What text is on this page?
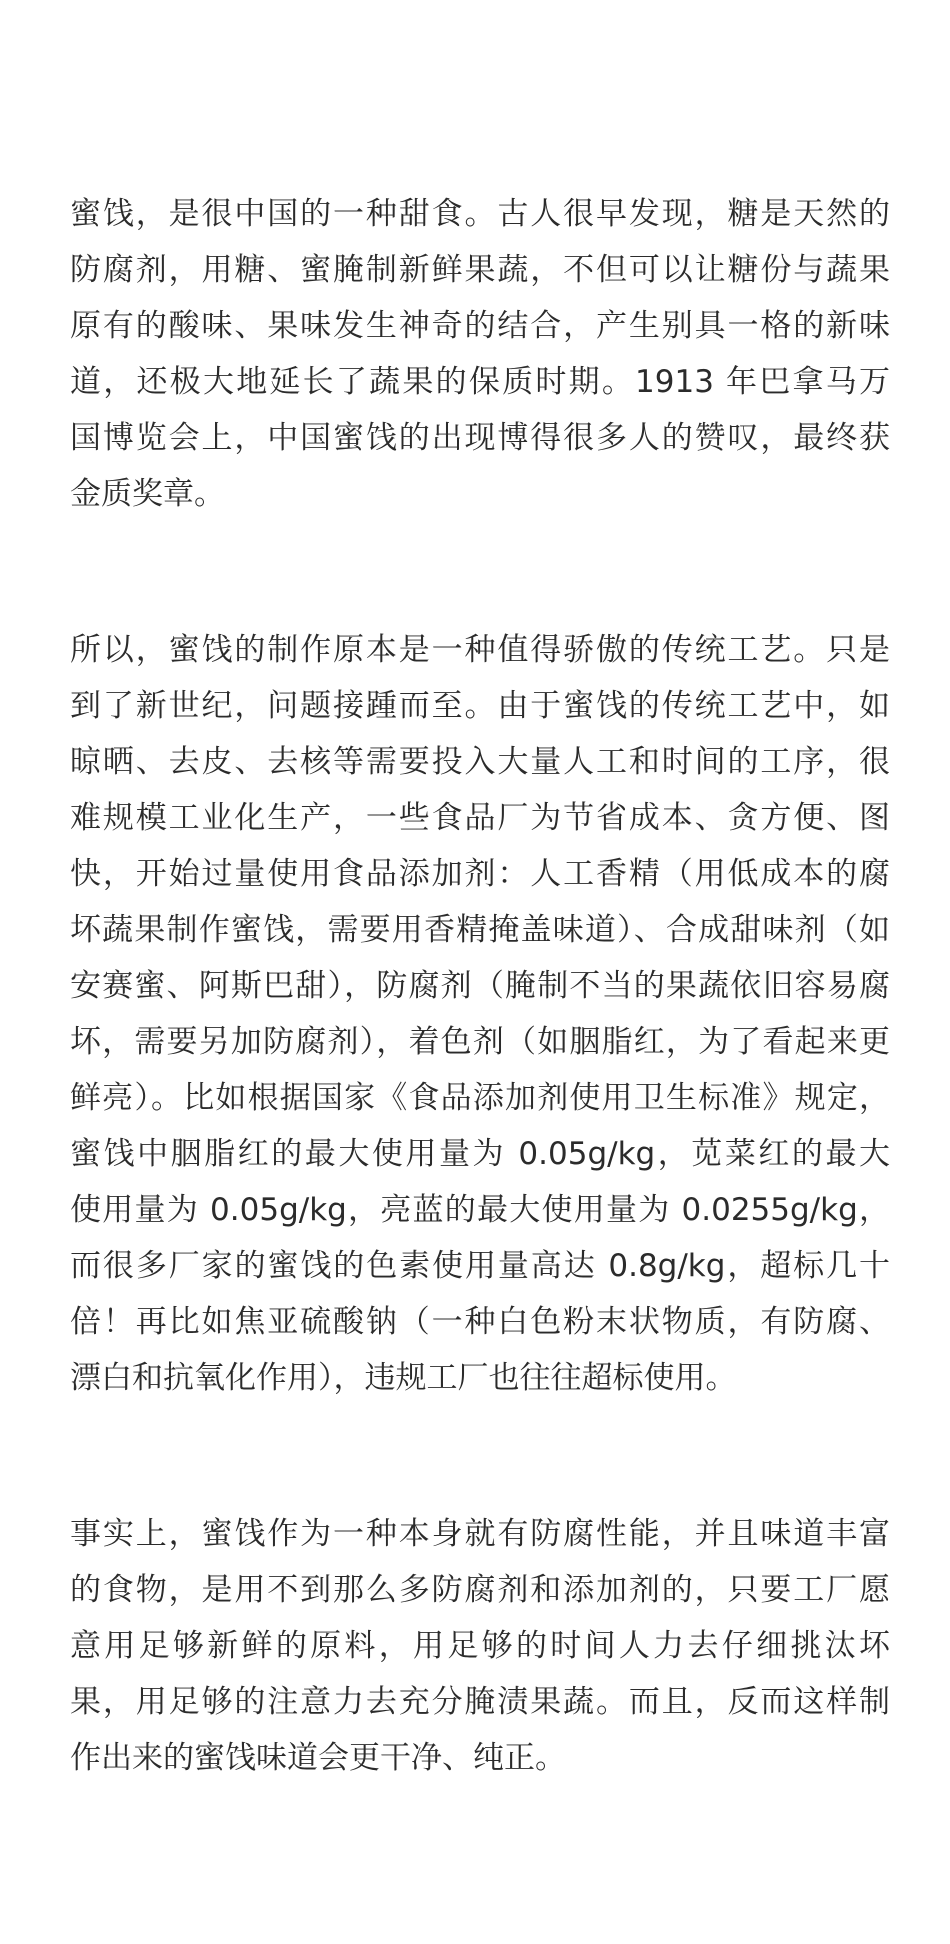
蜜饯，是很中国的一种甜食。古人很早发现，糖是天然的
防腐剂，用糖、蜜腌制新鲜果蔬，不但可以让糖份与蔬果
原有的酸味、果味发生神奇的结合，产生别具一格的新味
道，还极大地延长了蔬果的保质时期。1913 年巴拿马万
国博览会上，中国蜜饯的出现博得很多人的赞叹，最终获
金质奖章。
所以，蜜饯的制作原本是一种值得骄傲的传统工艺。只是
到了新世纪，问题接踵而至。由于蜜饯的传统工艺中，如
晾晒、去皮、去核等需要投入大量人工和时间的工序，很
难规模工业化生产，一些食品厂为节省成本、贪方便、图
快，开始过量使用食品添加剂：人工香精（用低成本的腐
坏蔬果制作蜜饯，需要用香精掩盖味道）、合成甜味剂（如
安赛蜜、阿斯巴甜），防腐剂（腌制不当的果蔬依旧容易腐
坏，需要另加防腐剂），着色剂（如胭脂红，为了看起来更
鲜亮）。比如根据国家《食品添加剂使用卫生标准》规定，
蜜饯中胭脂红的最大使用量为 0.05g/kg，苋菜红的最大
使用量为 0.05g/kg，亮蓝的最大使用量为 0.0255g/kg，
而很多厂家的蜜饯的色素使用量高达 0.8g/kg，超标几十
倍！再比如焦亚硫酸钠（一种白色粉末状物质，有防腐、
漂白和抗氧化作用），违规工厂也往往超标使用。
事实上，蜜饯作为一种本身就有防腐性能，并且味道丰富
的食物，是用不到那么多防腐剂和添加剂的，只要工厂愿
意用足够新鲜的原料，用足够的时间人力去仔细挑汰坏
果，用足够的注意力去充分腌渍果蔬。而且，反而这样制
作出来的蜜饯味道会更干净、纯正。
